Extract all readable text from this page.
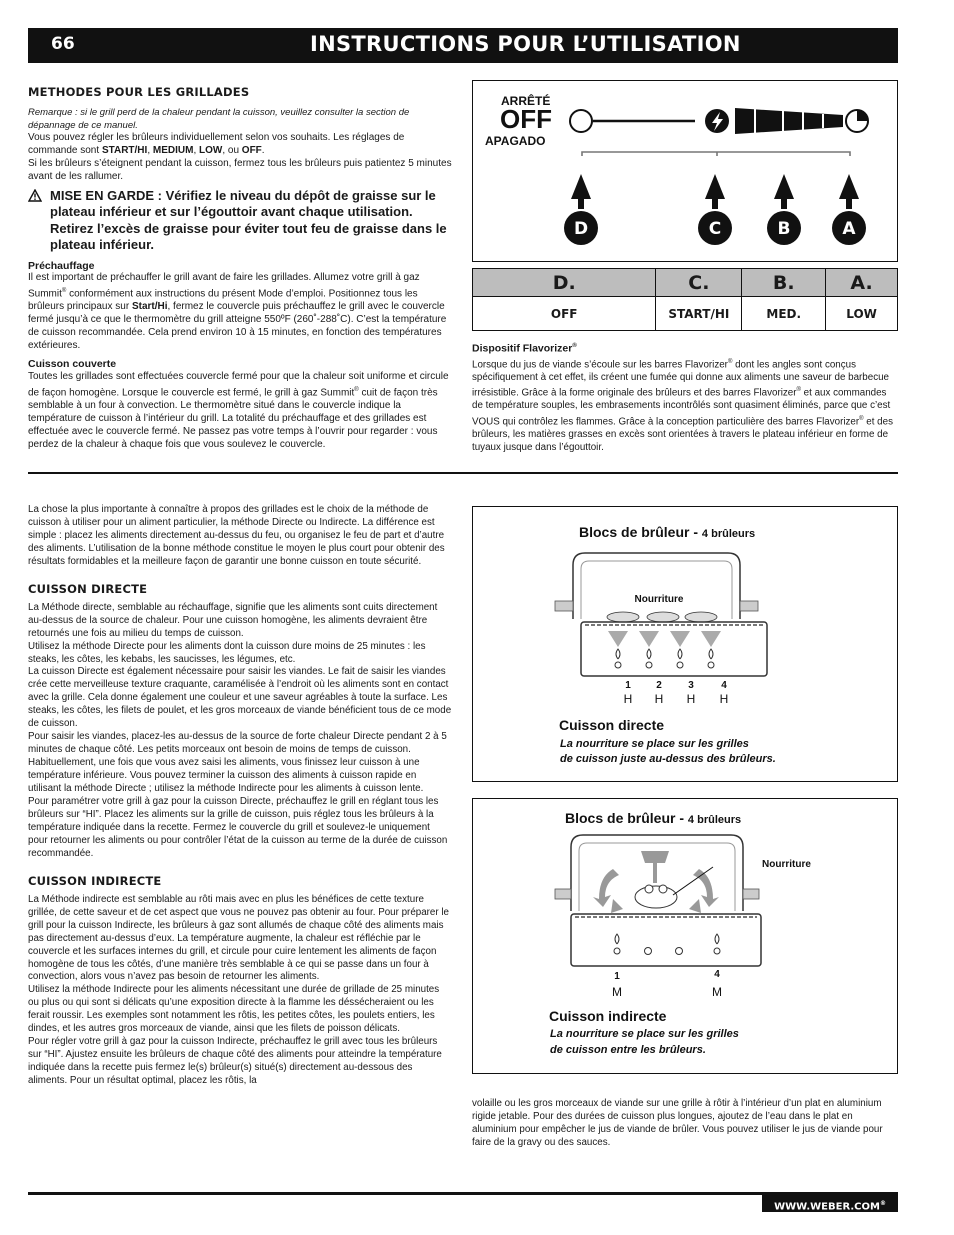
66	INSTRUCTIONS POUR L’UTILISATION
METHODES POUR LES GRILLADES

Remarque : si le grill perd de la chaleur pendant la cuisson, veuillez consulter la section de dépannage de ce manuel.

Vous pouvez régler les brûleurs individuellement selon vos souhaits. Les réglages de commande sont START/HI, MEDIUM, LOW, ou OFF.

Si les brûleurs s’éteignent pendant la cuisson, fermez tous les brûleurs puis patientez 5 minutes avant de les rallumer.

MISE EN GARDE : Vérifiez le niveau du dépôt de graisse sur le plateau inférieur et sur l’égouttoir avant chaque utilisation. Retirez l’excès de graisse pour éviter tout feu de graisse dans le plateau inférieur.
Préchauffage

Il est important de préchauffer le grill avant de faire les grillades. Allumez votre grill à gaz Summit® conformément aux instructions du présent Mode d’emploi. Positionnez tous les brûleurs principaux sur Start/Hi, fermez le couvercle puis préchauffez le grill avec le couvercle fermé jusqu’à ce que le thermomètre du grill atteigne 550ºF (260˚-288˚C). C’est la température de cuisson recommandée. Cela prend environ 10 à 15 minutes, en fonction des températures extérieures.

Cuisson couverte

Toutes les grillades sont effectuées couvercle fermé pour que la chaleur soit uniforme et circule de façon homogène. Lorsque le couvercle est fermé, le grill à gaz Summit® cuit de façon très semblable à un four à convection. Le thermomètre situé dans le couvercle indique la température de cuisson à l’intérieur du grill. La totalité du préchauffage et des grillades est effectuée avec le couvercle fermé. Ne passez pas votre temps à l’ouvrir pour regarder : vous perdez de la chaleur à chaque fois que vous soulevez le couvercle.

ARRÊTÉ
OFF
APAGADO
D	C	B	A
D.	C.	B.	A.
OFF	START/HI	MED.	LOW
Dispositif Flavorizer®

Lorsque du jus de viande s’écoule sur les barres Flavorizer® dont les angles sont conçus spécifiquement à cet effet, ils créent une fumée qui donne aux aliments une saveur de barbecue irrésistible. Grâce à la forme originale des brûleurs et des barres Flavorizer® et aux commandes de température souples, les embrasements incontrôlés sont quasiment éliminés, parce que c’est VOUS qui contrôlez les flammes. Grâce à la conception particulière des barres Flavorizer® et des brûleurs, les matières grasses en excès sont orientées à travers le plateau inférieur en forme de tuyaux jusque dans l’égouttoir.

La chose la plus importante à connaître à propos des grillades est le choix de la méthode de cuisson à utiliser pour un aliment particulier, la méthode Directe ou Indirecte. La différence est simple : placez les aliments directement au-dessus du feu, ou organisez le feu de part et d’autre des aliments. L’utilisation de la bonne méthode constitue le moyen le plus court pour obtenir des résultats formidables et la meilleure façon de garantir une bonne cuisson en toute sécurité.

CUISSON DIRECTE

La Méthode directe, semblable au réchauffage, signifie que les aliments sont cuits directement au-dessus de la source de chaleur. Pour une cuisson homogène, les aliments devraient être retournés une fois au milieu du temps de cuisson.

Utilisez la méthode Directe pour les aliments dont la cuisson dure moins de 25 minutes : les steaks, les côtes, les kebabs, les saucisses, les légumes, etc.

La cuisson Directe est également nécessaire pour saisir les viandes. Le fait de saisir les viandes crée cette merveilleuse texture craquante, caramélisée à l’endroit où les aliments sont en contact avec la grille. Cela donne également une couleur et une saveur agréables à toute la surface. Les steaks, les côtes, les filets de poulet, et les gros morceaux de viande bénéficient tous de ce mode de cuisson.

Pour saisir les viandes, placez-les au-dessus de la source de forte chaleur Directe pendant 2 à 5 minutes de chaque côté. Les petits morceaux ont besoin de moins de temps de cuisson. Habituellement, une fois que vous avez saisi les aliments, vous finissez leur cuisson à une température inférieure. Vous pouvez terminer la cuisson des aliments à cuisson rapide en utilisant la méthode Directe ; utilisez la méthode Indirecte pour les aliments à cuisson lente.

Pour paramétrer votre grill à gaz pour la cuisson Directe, préchauffez le grill en réglant tous les brûleurs sur “HI”. Placez les aliments sur la grille de cuisson, puis réglez tous les brûleurs à la température indiquée dans la recette. Fermez le couvercle du grill et soulevez-le uniquement pour retourner les aliments ou pour contrôler l’état de la cuisson au terme de la durée de cuisson recommandée.

CUISSON INDIRECTE

La Méthode indirecte est semblable au rôti mais avec en plus les bénéfices de cette texture grillée, de cette saveur et de cet aspect que vous ne pouvez pas obtenir au four. Pour préparer le grill pour la cuisson Indirecte, les brûleurs à gaz sont allumés de chaque côté des aliments mais pas directement au-dessus d’eux. La température augmente, la chaleur est réfléchie par le couvercle et les surfaces internes du grill, et circule pour cuire lentement les aliments de façon homogène de tous les côtés, d’une manière très semblable à ce qui se passe dans un four à convection, alors vous n’avez pas besoin de retourner les aliments.

Utilisez la méthode Indirecte pour les aliments nécessitant une durée de grillade de 25 minutes ou plus ou qui sont si délicats qu’une exposition directe à la flamme les déssécheraient ou les ferait roussir. Les exemples sont notamment les rôtis, les petites côtes, les poulets entiers, les dindes, et les autres gros morceaux de viande, ainsi que les filets de poisson délicats.

Pour régler votre grill à gaz pour la cuisson Indirecte, préchauffez le grill avec tous les brûleurs sur “HI”. Ajustez ensuite les brûleurs de chaque côté des aliments pour atteindre la température indiquée dans la recette puis fermez le(s) brûleur(s) situé(s) directement au-dessous des aliments. Pour un résultat optimal, placez les rôtis, la

Blocs de brûleur - 4 brûleurs
Nourriture
1	2	3	4
H H H H
Cuisson directe
La nourriture se place sur les grilles
de cuisson juste au-dessus des brûleurs.
Blocs de brûleur - 4 brûleurs
Nourriture
1	4
M	M
Cuisson indirecte
La nourriture se place sur les grilles
de cuisson entre les brûleurs.

volaille ou les gros morceaux de viande sur une grille à rôtir à l’intérieur d’un plat en aluminium rigide jetable. Pour des durées de cuisson plus longues, ajoutez de l’eau dans le plat en aluminium pour empêcher le jus de viande de brûler. Vous pouvez utiliser le jus de viande pour faire de la gravy ou des sauces.

WWW.WEBER.COM®
